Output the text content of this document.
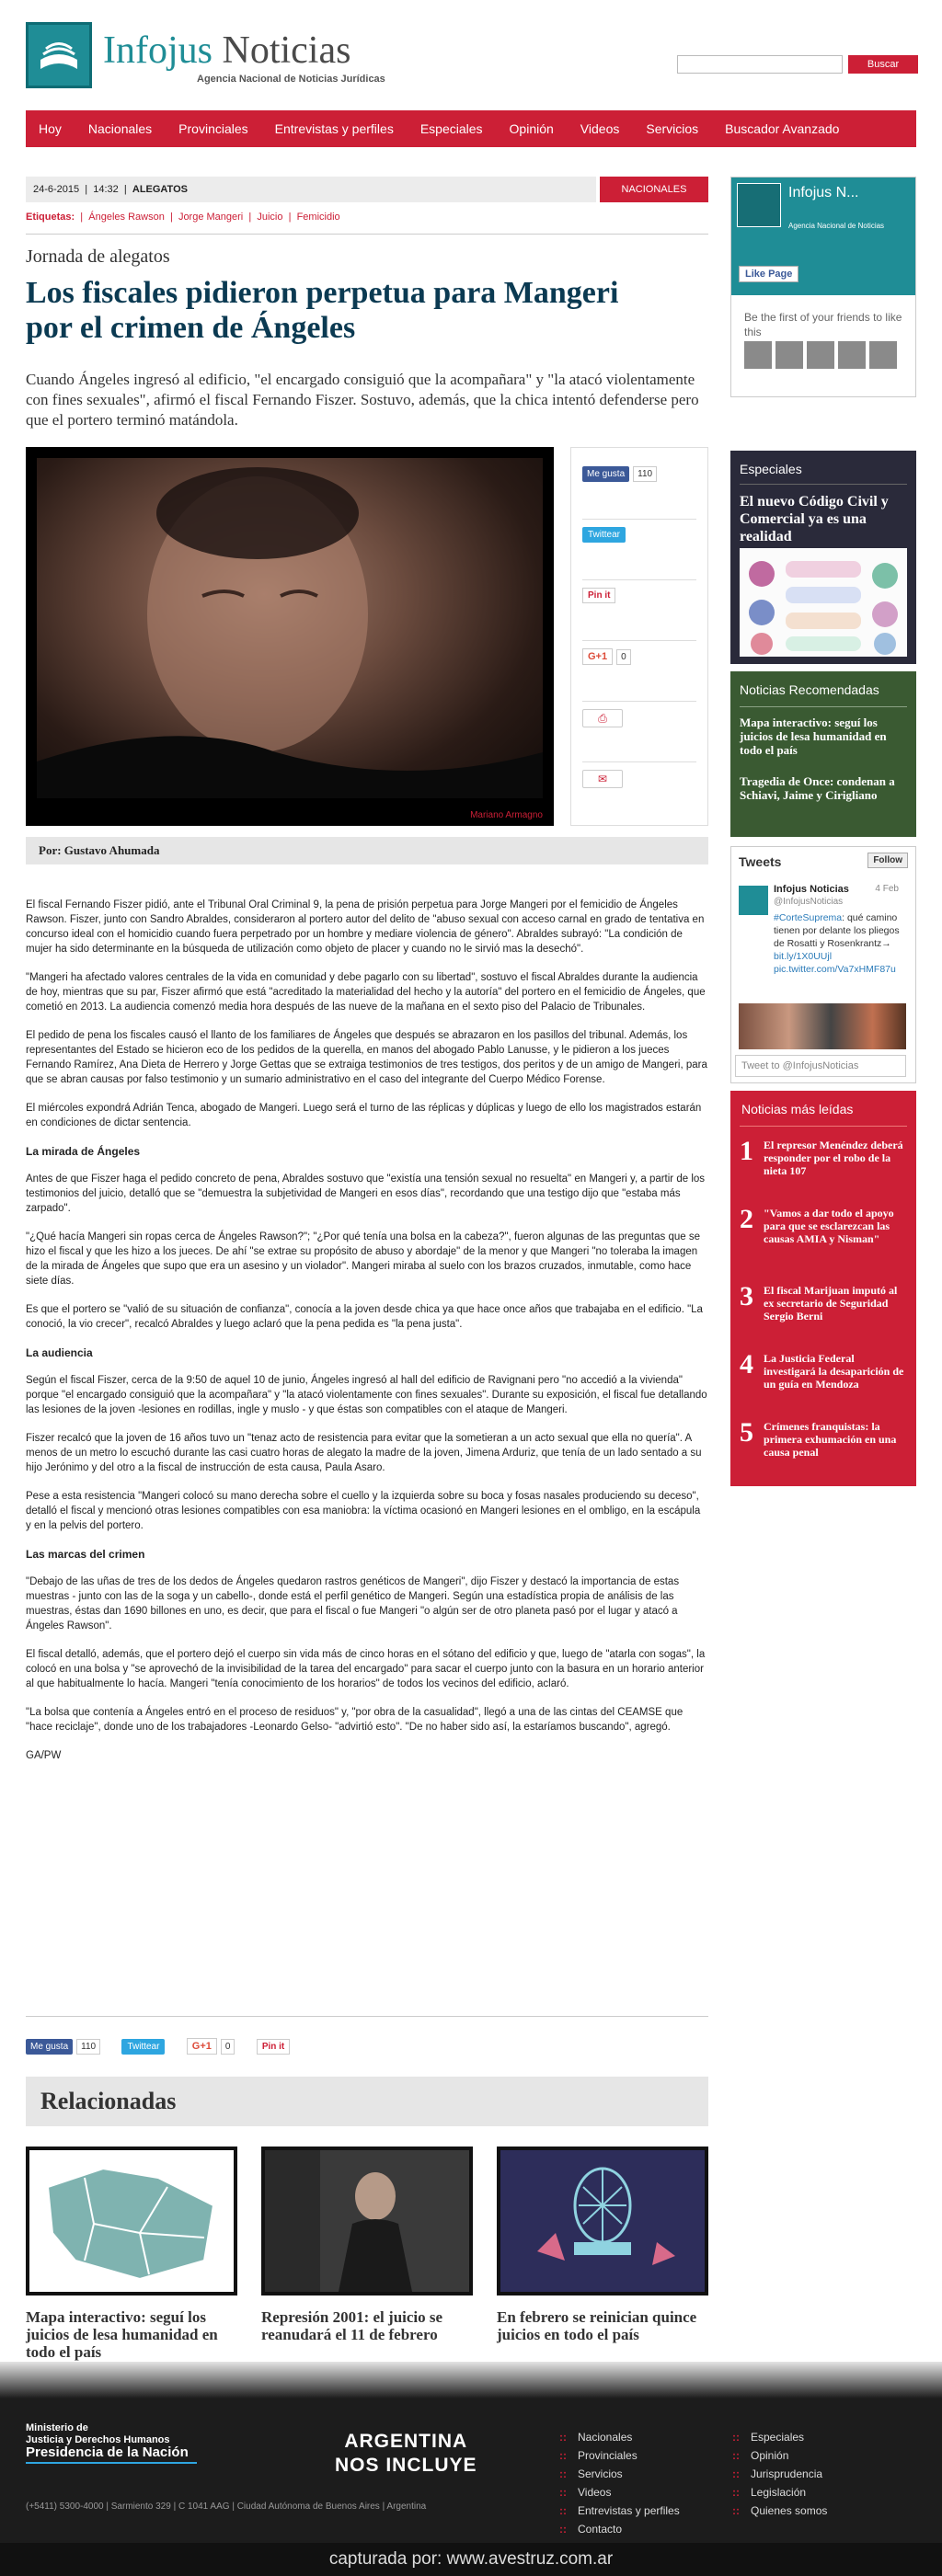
Infojus Noticias
Agencia Nacional de Noticias Jurídicas
Buscar
Hoy Nacionales Provinciales Entrevistas y perfiles Especiales Opinión Videos Servicios Buscador Avanzado
24-6-2015  |  14:32  |  ALEGATOS	NACIONALES
Etiquetas:  |  Ángeles Rawson  |  Jorge Mangeri  |  Juicio  |  Femicidio
Jornada de alegatos
Los fiscales pidieron perpetua para Mangeri por el crimen de Ángeles
Cuando Ángeles ingresó al edificio, "el encargado consiguió que la acompañara" y "la atacó violentamente con fines sexuales", afirmó el fiscal Fernando Fiszer. Sostuvo, además, que la chica intentó defenderse pero que el portero terminó matándola.
Mariano Armagno
Me gusta 110
Twittear
Pin it
G+1 0
⎙
✉
Por: Gustavo Ahumada

El fiscal Fernando Fiszer pidió, ante el Tribunal Oral Criminal 9, la pena de prisión perpetua para Jorge Mangeri por el femicidio de Ángeles Rawson. Fiszer, junto con Sandro Abraldes, consideraron al portero autor del delito de "abuso sexual con acceso carnal en grado de tentativa en concurso ideal con el homicidio cuando fuera perpetrado por un hombre y mediare violencia de género". Abraldes subrayó: "La condición de mujer ha sido determinante en la búsqueda de utilización como objeto de placer y cuando no le sirvió mas la desechó".

"Mangeri ha afectado valores centrales de la vida en comunidad y debe pagarlo con su libertad", sostuvo el fiscal Abraldes durante la audiencia de hoy, mientras que su par, Fiszer afirmó que está "acreditado la materialidad del hecho y la autoría" del portero en el femicidio de Ángeles, que cometió en 2013. La audiencia comenzó media hora después de las nueve de la mañana en el sexto piso del Palacio de Tribunales.

El pedido de pena los fiscales causó el llanto de los familiares de Ángeles que después se abrazaron en los pasillos del tribunal. Además, los representantes del Estado se hicieron eco de los pedidos de la querella, en manos del abogado Pablo Lanusse, y le pidieron a los jueces Fernando Ramírez, Ana Dieta de Herrero y Jorge Gettas que se extraiga testimonios de tres testigos, dos peritos y de un amigo de Mangeri, para que se abran causas por falso testimonio y un sumario administrativo en el caso del integrante del Cuerpo Médico Forense.

El miércoles expondrá Adrián Tenca, abogado de Mangeri. Luego será el turno de las réplicas y dúplicas y luego de ello los magistrados estarán en condiciones de dictar sentencia.

La mirada de Ángeles

Antes de que Fiszer haga el pedido concreto de pena, Abraldes sostuvo que "existía una tensión sexual no resuelta" en Mangeri y, a partir de los testimonios del juicio, detalló que se "demuestra la subjetividad de Mangeri en esos días", recordando que una testigo dijo que "estaba más zarpado".

"¿Qué hacía Mangeri sin ropas cerca de Ángeles Rawson?"; "¿Por qué tenía una bolsa en la cabeza?", fueron algunas de las preguntas que se hizo el fiscal y que les hizo a los jueces. De ahí "se extrae su propósito de abuso y abordaje" de la menor y que Mangeri "no toleraba la imagen de la mirada de Ángeles que supo que era un asesino y un violador". Mangeri miraba al suelo con los brazos cruzados, inmutable, como hace siete días.

Es que el portero se "valió de su situación de confianza", conocía a la joven desde chica ya que hace once años que trabajaba en el edificio. "La conoció, la vio crecer", recalcó Abraldes y luego aclaró que la pena pedida es "la pena justa".

La audiencia

Según el fiscal Fiszer, cerca de la 9:50 de aquel 10 de junio, Ángeles ingresó al hall del edificio de Ravignani pero "no accedió a la vivienda" porque "el encargado consiguió que la acompañara" y "la atacó violentamente con fines sexuales". Durante su exposición, el fiscal fue detallando las lesiones de la joven -lesiones en rodillas, ingle y muslo - y que éstas son compatibles con el ataque de Mangeri.

Fiszer recalcó que la joven de 16 años tuvo un "tenaz acto de resistencia para evitar que la sometieran a un acto sexual que ella no quería". A menos de un metro lo escuchó durante las casi cuatro horas de alegato la madre de la joven, Jimena Arduriz, que tenía de un lado sentado a su hijo Jerónimo y del otro a la fiscal de instrucción de esta causa, Paula Asaro.

Pese a esta resistencia "Mangeri colocó su mano derecha sobre el cuello y la izquierda sobre su boca y fosas nasales produciendo su deceso", detalló el fiscal y mencionó otras lesiones compatibles con esa maniobra: la víctima ocasionó en Mangeri lesiones en el ombligo, en la escápula y en la pelvis del portero.

Las marcas del crimen

"Debajo de las uñas de tres de los dedos de Ángeles quedaron rastros genéticos de Mangeri", dijo Fiszer y destacó la importancia de estas muestras - junto con las de la soga y un cabello-, donde está el perfil genético de Mangeri. Según una estadística propia de análisis de las muestras, éstas dan 1690 billones en uno, es decir, que para el fiscal o fue Mangeri "o algún ser de otro planeta pasó por el lugar y atacó a Ángeles Rawson".

El fiscal detalló, además, que el portero dejó el cuerpo sin vida más de cinco horas en el sótano del edificio y que, luego de "atarla con sogas", la colocó en una bolsa y "se aprovechó de la invisibilidad de la tarea del encargado" para sacar el cuerpo junto con la basura en un horario anterior al que habitualmente lo hacía. Mangeri "tenía conocimiento de los horarios" de todos los vecinos del edificio, aclaró.

"La bolsa que contenía a Ángeles entró en el proceso de residuos" y, "por obra de la casualidad", llegó a una de las cintas del CEAMSE que "hace reciclaje", donde uno de los trabajadores -Leonardo Gelso- "advirtió esto". "De no haber sido así, la estaríamos buscando", agregó.

GA/PW

Me gusta 110	Twittear	G+1 0	Pin it
Relacionadas
Mapa interactivo: seguí los juicios de lesa humanidad en todo el país
Represión 2001: el juicio se reanudará el 11 de febrero
En febrero se reinician quince juicios en todo el país
Infojus N...
Agencia Nacional de Noticias
Like Page
Be the first of your friends to like this
Especiales
El nuevo Código Civil y Comercial ya es una realidad
Noticias Recomendadas
Mapa interactivo: seguí los juicios de lesa humanidad en todo el país
Tragedia de Once: condenan a Schiavi, Jaime y Cirigliano
Tweets	Follow
Infojus Noticias
@InfojusNoticias
4 Feb
#CorteSuprema: qué camino tienen por delante los pliegos de Rosatti y Rosenkrantz→ bit.ly/1X0UUjl pic.twitter.com/Va7xHMF87u
Tweet to @InfojusNoticias
Noticias más leídas
1 El represor Menéndez deberá responder por el robo de la nieta 107
2 "Vamos a dar todo el apoyo para que se esclarezcan las causas AMIA y Nisman"
3 El fiscal Marijuan imputó al ex secretario de Seguridad Sergio Berni
4 La Justicia Federal investigará la desaparición de un guía en Mendoza
5 Crímenes franquistas: la primera exhumación en una causa penal
Ministerio de
Justicia y Derechos Humanos
Presidencia de la Nación
ARGENTINA
NOS INCLUYE
(+5411) 5300-4000 | Sarmiento 329 | C 1041 AAG | Ciudad Autónoma de Buenos Aires | Argentina
:: Nacionales
:: Provinciales
:: Servicios
:: Videos
:: Entrevistas y perfiles
:: Contacto
:: Especiales
:: Opinión
:: Jurisprudencia
:: Legislación
:: Quienes somos
capturada por: www.avestruz.com.ar
